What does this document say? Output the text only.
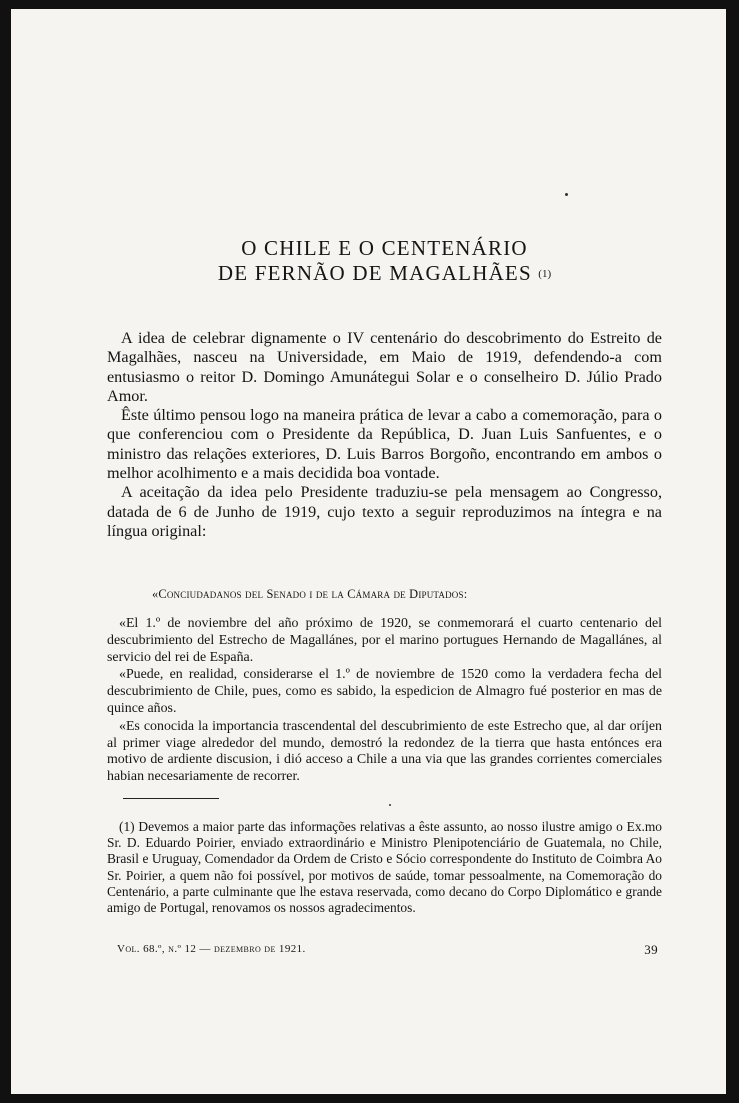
O CHILE E O CENTENÁRIO
DE FERNÃO DE MAGALHÃES $^{(1)}$

A idea de celebrar dignamente o IV centenário do descobrimento do Estreito de Magalhães, nasceu na Universidade, em Maio de 1919, defendendo-a com entusiasmo o reitor D. Domingo Amunátegui Solar e o conselheiro D. Júlio Prado Amor.

Êste último pensou logo na maneira prática de levar a cabo a comemoração, para o que conferenciou com o Presidente da República, D. Juan Luis Sanfuentes, e o ministro das relações exteriores, D. Luis Barros Borgoño, encontrando em ambos o melhor acolhimento e a mais decidida boa vontade.

A aceitação da idea pelo Presidente traduziu-se pela mensagem ao Congresso, datada de 6 de Junho de 1919, cujo texto a seguir reproduzimos na íntegra e na língua original:

«Conciudadanos del Senado i de la Cámara de Diputados:

«El 1.º de noviembre del año próximo de 1920, se conmemorará el cuarto centenario del descubrimiento del Estrecho de Magallánes, por el marino portugues Hernando de Magallánes, al servicio del rei de España.

«Puede, en realidad, considerarse el 1.º de noviembre de 1520 como la verdadera fecha del descubrimiento de Chile, pues, como es sabido, la espedicion de Almagro fué posterior en mas de quince años.

«Es conocida la importancia trascendental del descubrimiento de este Estrecho que, al dar oríjen al primer viage alrededor del mundo, demostró la redondez de la tierra que hasta entónces era motivo de ardiente discusion, i dió acceso a Chile a una via que las grandes corrientes comerciales habian necesariamente de recorrer.

(1) Devemos a maior parte das informações relativas a êste assunto, ao nosso ilustre amigo o Ex.mo Sr. D. Eduardo Poirier, enviado extraordinário e Ministro Plenipotenciário de Guatemala, no Chile, Brasil e Uruguay, Comendador da Ordem de Cristo e Sócio correspondente do Instituto de Coimbra Ao Sr. Poirier, a quem não foi possível, por motivos de saúde, tomar pessoalmente, na Comemoração do Centenário, a parte culminante que lhe estava reservada, como decano do Corpo Diplomático e grande amigo de Portugal, renovamos os nossos agradecimentos.

Vol. 68.º, n.º 12 — dezembro de 1921.	39
